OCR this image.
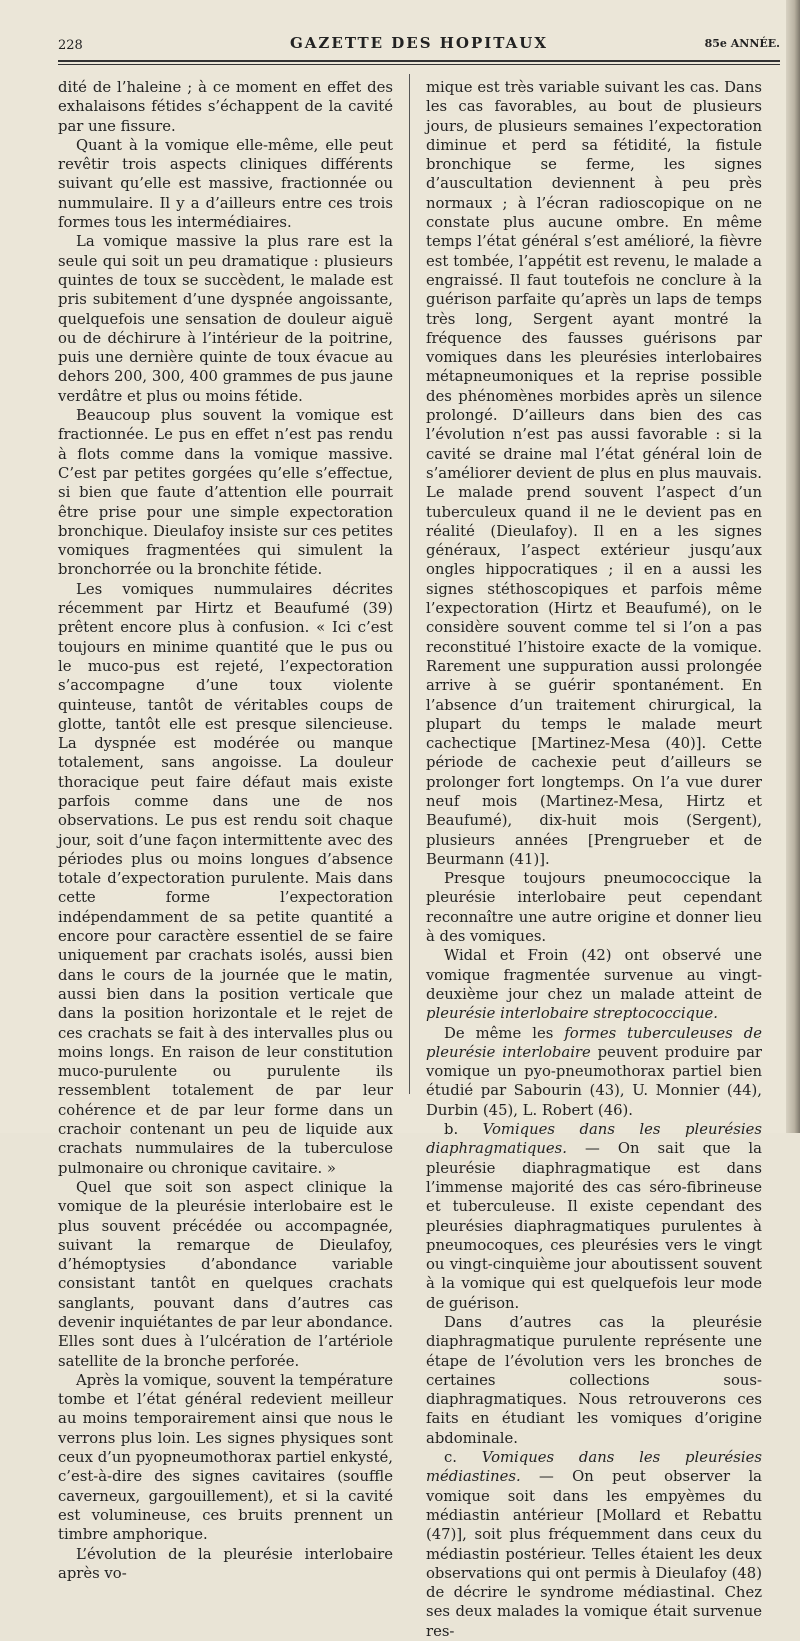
228	GAZETTE DES HOPITAUX	85e ANNÉE.

dité de l’haleine ; à ce moment en effet des exhalaisons fétides s’échappent de la cavité par une fissure.

Quant à la vomique elle-même, elle peut revêtir trois aspects cliniques différents suivant qu’elle est massive, fractionnée ou nummulaire. Il y a d’ailleurs entre ces trois formes tous les intermédiaires.

La vomique massive la plus rare est la seule qui soit un peu dramatique : plusieurs quintes de toux se succèdent, le malade est pris subitement d’une dyspnée angoissante, quelquefois une sensation de douleur aiguë ou de déchirure à l’intérieur de la poitrine, puis une dernière quinte de toux évacue au dehors 200, 300, 400 grammes de pus jaune verdâtre et plus ou moins fétide.

Beaucoup plus souvent la vomique est fractionnée. Le pus en effet n’est pas rendu à flots comme dans la vomique massive. C’est par petites gorgées qu’elle s’effectue, si bien que faute d’attention elle pourrait être prise pour une simple expectoration bronchique. Dieulafoy insiste sur ces petites vomiques fragmentées qui simulent la bronchorrée ou la bronchite fétide.

Les vomiques nummulaires décrites récemment par Hirtz et Beaufumé (39) prêtent encore plus à confusion. « Ici c’est toujours en minime quantité que le pus ou le muco-pus est rejeté, l’expectoration s’accompagne d’une toux violente quinteuse, tantôt de véritables coups de glotte, tantôt elle est presque silencieuse. La dyspnée est modérée ou manque totalement, sans angoisse. La douleur thoracique peut faire défaut mais existe parfois comme dans une de nos observations. Le pus est rendu soit chaque jour, soit d’une façon intermittente avec des périodes plus ou moins longues d’absence totale d’expectoration purulente. Mais dans cette forme l’expectoration indépendamment de sa petite quantité a encore pour caractère essentiel de se faire uniquement par crachats isolés, aussi bien dans le cours de la journée que le matin, aussi bien dans la position verticale que dans la position horizontale et le rejet de ces crachats se fait à des intervalles plus ou moins longs. En raison de leur constitution muco-purulente ou purulente ils ressemblent totalement de par leur cohérence et de par leur forme dans un crachoir contenant un peu de liquide aux crachats nummulaires de la tuberculose pulmonaire ou chronique cavitaire. »

Quel que soit son aspect clinique la vomique de la pleurésie interlobaire est le plus souvent précédée ou accompagnée, suivant la remarque de Dieulafoy, d’hémoptysies d’abondance variable consistant tantôt en quelques crachats sanglants, pouvant dans d’autres cas devenir inquiétantes de par leur abondance. Elles sont dues à l’ulcération de l’artériole satellite de la bronche perforée.

Après la vomique, souvent la température tombe et l’état général redevient meilleur au moins temporairement ainsi que nous le verrons plus loin. Les signes physiques sont ceux d’un pyopneumothorax partiel enkysté, c’est-à-dire des signes cavitaires (souffle caverneux, gargouillement), et si la cavité est volumineuse, ces bruits prennent un timbre amphorique.

L’évolution de la pleurésie interlobaire après vo-

mique est très variable suivant les cas. Dans les cas favorables, au bout de plusieurs jours, de plusieurs semaines l’expectoration diminue et perd sa fétidité, la fistule bronchique se ferme, les signes d’auscultation deviennent à peu près normaux ; à l’écran radioscopique on ne constate plus aucune ombre. En même temps l’état général s’est amélioré, la fièvre est tombée, l’appétit est revenu, le malade a engraissé. Il faut toutefois ne conclure à la guérison parfaite qu’après un laps de temps très long, Sergent ayant montré la fréquence des fausses guérisons par vomiques dans les pleurésies interlobaires métapneumoniques et la reprise possible des phénomènes morbides après un silence prolongé. D’ailleurs dans bien des cas l’évolution n’est pas aussi favorable : si la cavité se draine mal l’état général loin de s’améliorer devient de plus en plus mauvais. Le malade prend souvent l’aspect d’un tuberculeux quand il ne le devient pas en réalité (Dieulafoy). Il en a les signes généraux, l’aspect extérieur jusqu’aux ongles hippocratiques ; il en a aussi les signes stéthoscopiques et parfois même l’expectoration (Hirtz et Beaufumé), on le considère souvent comme tel si l’on a pas reconstitué l’histoire exacte de la vomique. Rarement une suppuration aussi prolongée arrive à se guérir spontanément. En l’absence d’un traitement chirurgical, la plupart du temps le malade meurt cachectique [Martinez-Mesa (40)]. Cette période de cachexie peut d’ailleurs se prolonger fort longtemps. On l’a vue durer neuf mois (Martinez-Mesa, Hirtz et Beaufumé), dix-huit mois (Sergent), plusieurs années [Prengrueber et de Beurmann (41)].

Presque toujours pneumococcique la pleurésie interlobaire peut cependant reconnaître une autre origine et donner lieu à des vomiques.

Widal et Froin (42) ont observé une vomique fragmentée survenue au vingt-deuxième jour chez un malade atteint de pleurésie interlobaire streptococcique.

De même les formes tuberculeuses de pleurésie interlobaire peuvent produire par vomique un pyo-pneumothorax partiel bien étudié par Sabourin (43), U. Monnier (44), Durbin (45), L. Robert (46).

b. Vomiques dans les pleurésies diaphragmatiques. — On sait que la pleurésie diaphragmatique est dans l’immense majorité des cas séro-fibrineuse et tuberculeuse. Il existe cependant des pleurésies diaphragmatiques purulentes à pneumocoques, ces pleurésies vers le vingt ou vingt-cinquième jour aboutissent souvent à la vomique qui est quelquefois leur mode de guérison.

Dans d’autres cas la pleurésie diaphragmatique purulente représente une étape de l’évolution vers les bronches de certaines collections sous-diaphragmatiques. Nous retrouverons ces faits en étudiant les vomiques d’origine abdominale.

c. Vomiques dans les pleurésies médiastines. — On peut observer la vomique soit dans les empyèmes du médiastin antérieur [Mollard et Rebattu (47)], soit plus fréquemment dans ceux du médiastin postérieur. Telles étaient les deux observations qui ont permis à Dieulafoy (48) de décrire le syndrome médiastinal. Chez ses deux malades la vomique était survenue res-
